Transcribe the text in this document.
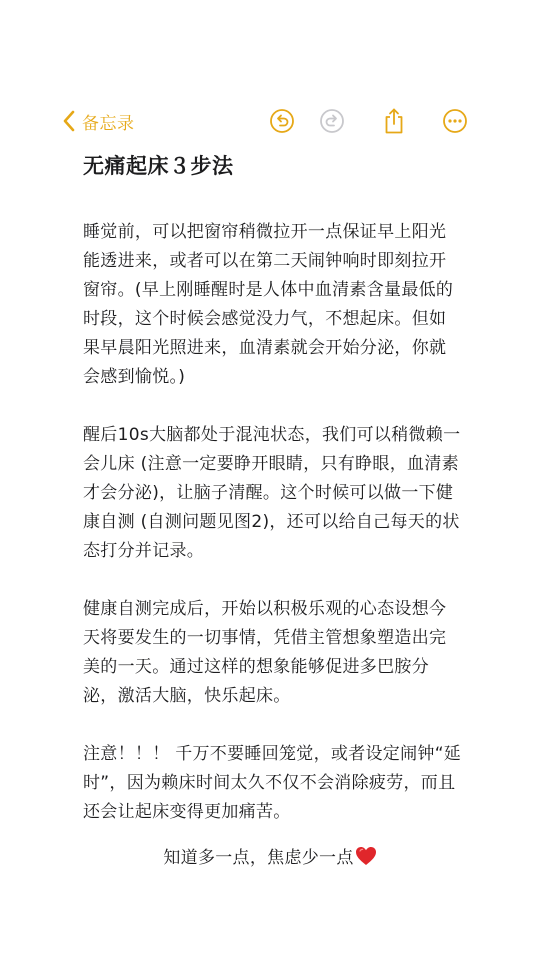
备忘录
无痛起床３步法

睡觉前，可以把窗帘稍微拉开一点保证早上阳光能透进来，或者可以在第二天闹钟响时即刻拉开窗帘。(早上刚睡醒时是人体中血清素含量最低的时段，这个时候会感觉没力气，不想起床。但如果早晨阳光照进来，血清素就会开始分泌，你就会感到愉悦。)

醒后10s大脑都处于混沌状态，我们可以稍微赖一会儿床 (注意一定要睁开眼睛，只有睁眼，血清素才会分泌)，让脑子清醒。这个时候可以做一下健康自测 (自测问题见图2)，还可以给自己每天的状态打分并记录。

健康自测完成后，开始以积极乐观的心态设想今天将要发生的一切事情，凭借主管想象塑造出完美的一天。通过这样的想象能够促进多巴胺分泌，激活大脑，快乐起床。

注意！！！ 千万不要睡回笼觉，或者设定闹钟“延时”，因为赖床时间太久不仅不会消除疲劳，而且还会让起床变得更加痛苦。

知道多一点，焦虑少一点
